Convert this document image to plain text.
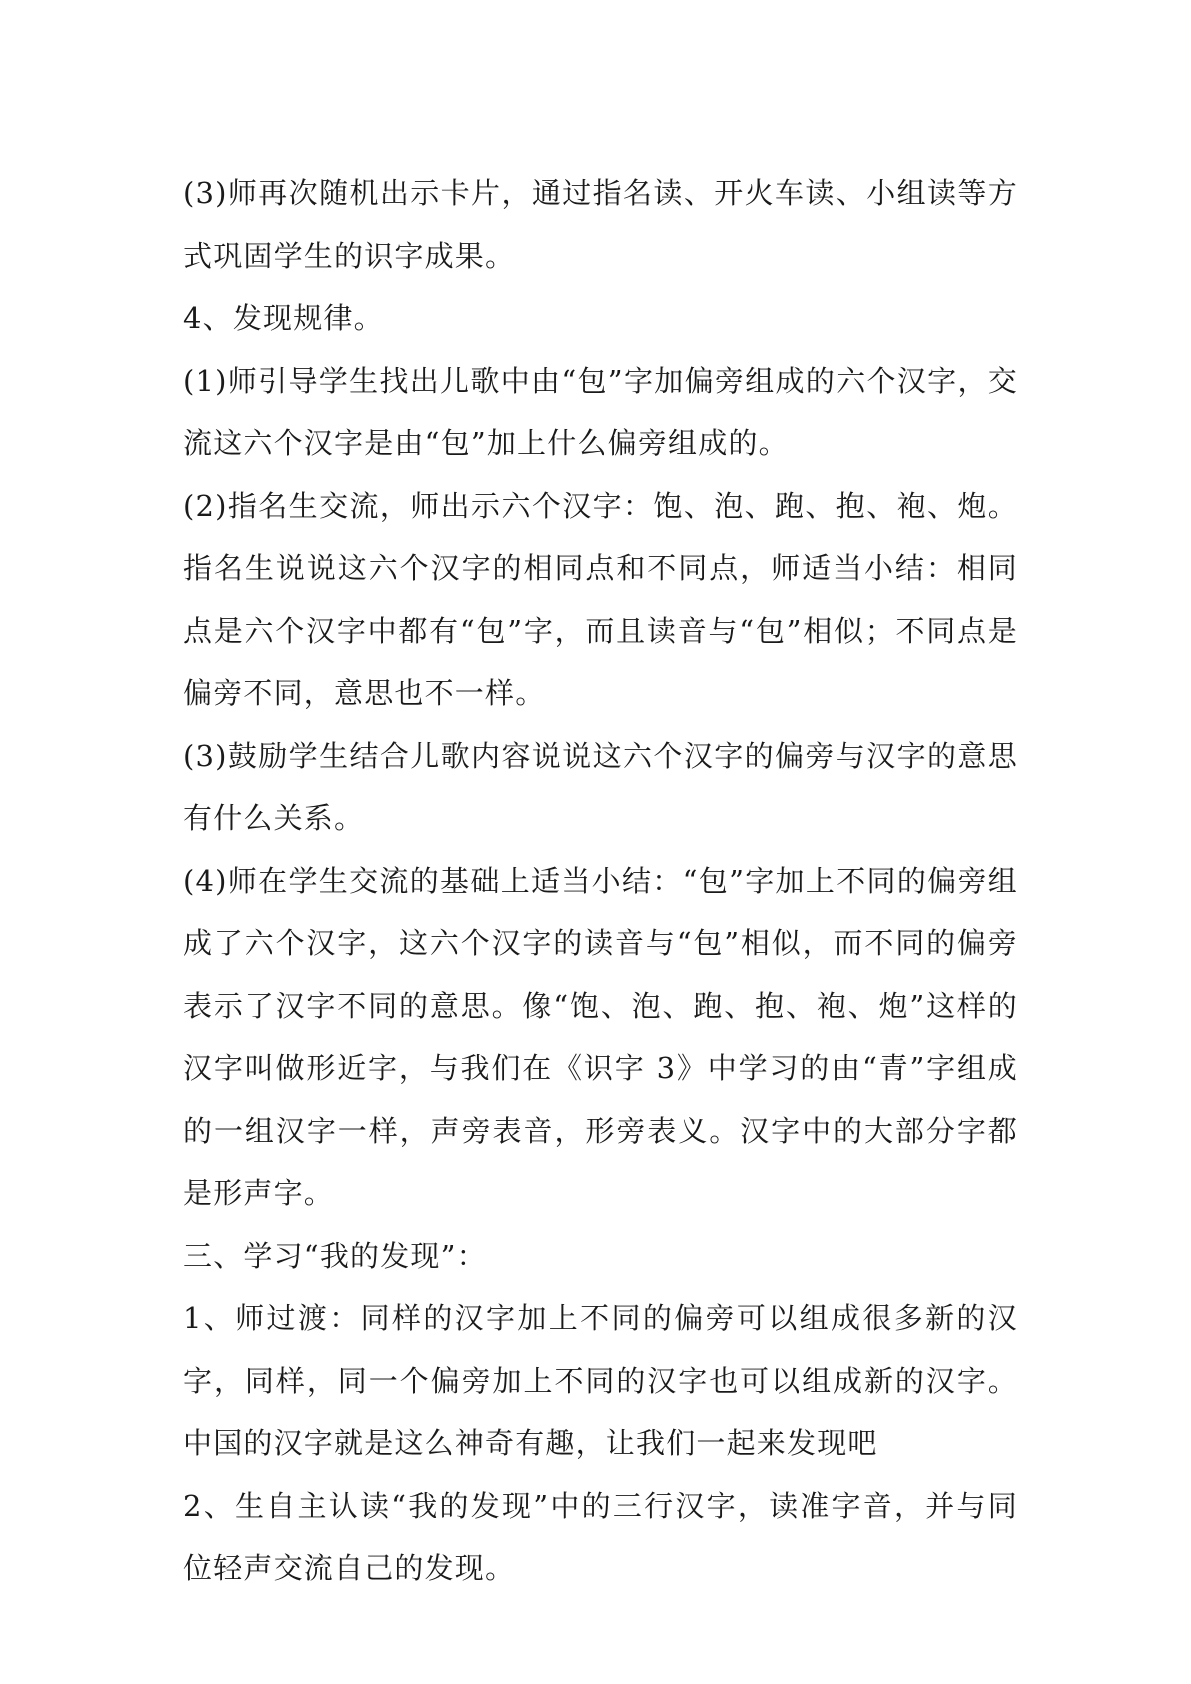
(3)师再次随机出示卡片，通过指名读、开火车读、小组读等方式巩固学生的识字成果。

4、发现规律。

(1)师引导学生找出儿歌中由“包”字加偏旁组成的六个汉字，交流这六个汉字是由“包”加上什么偏旁组成的。

(2)指名生交流，师出示六个汉字：饱、泡、跑、抱、袍、炮。指名生说说这六个汉字的相同点和不同点，师适当小结：相同点是六个汉字中都有“包”字，而且读音与“包”相似；不同点是偏旁不同，意思也不一样。

(3)鼓励学生结合儿歌内容说说这六个汉字的偏旁与汉字的意思有什么关系。

(4)师在学生交流的基础上适当小结：“包”字加上不同的偏旁组成了六个汉字，这六个汉字的读音与“包”相似，而不同的偏旁表示了汉字不同的意思。像“饱、泡、跑、抱、袍、炮”这样的汉字叫做形近字，与我们在《识字 3》中学习的由“青”字组成的一组汉字一样，声旁表音，形旁表义。汉字中的大部分字都是形声字。

三、学习“我的发现”：

1、师过渡：同样的汉字加上不同的偏旁可以组成很多新的汉字，同样，同一个偏旁加上不同的汉字也可以组成新的汉字。中国的汉字就是这么神奇有趣，让我们一起来发现吧

2、生自主认读“我的发现”中的三行汉字，读准字音，并与同位轻声交流自己的发现。
